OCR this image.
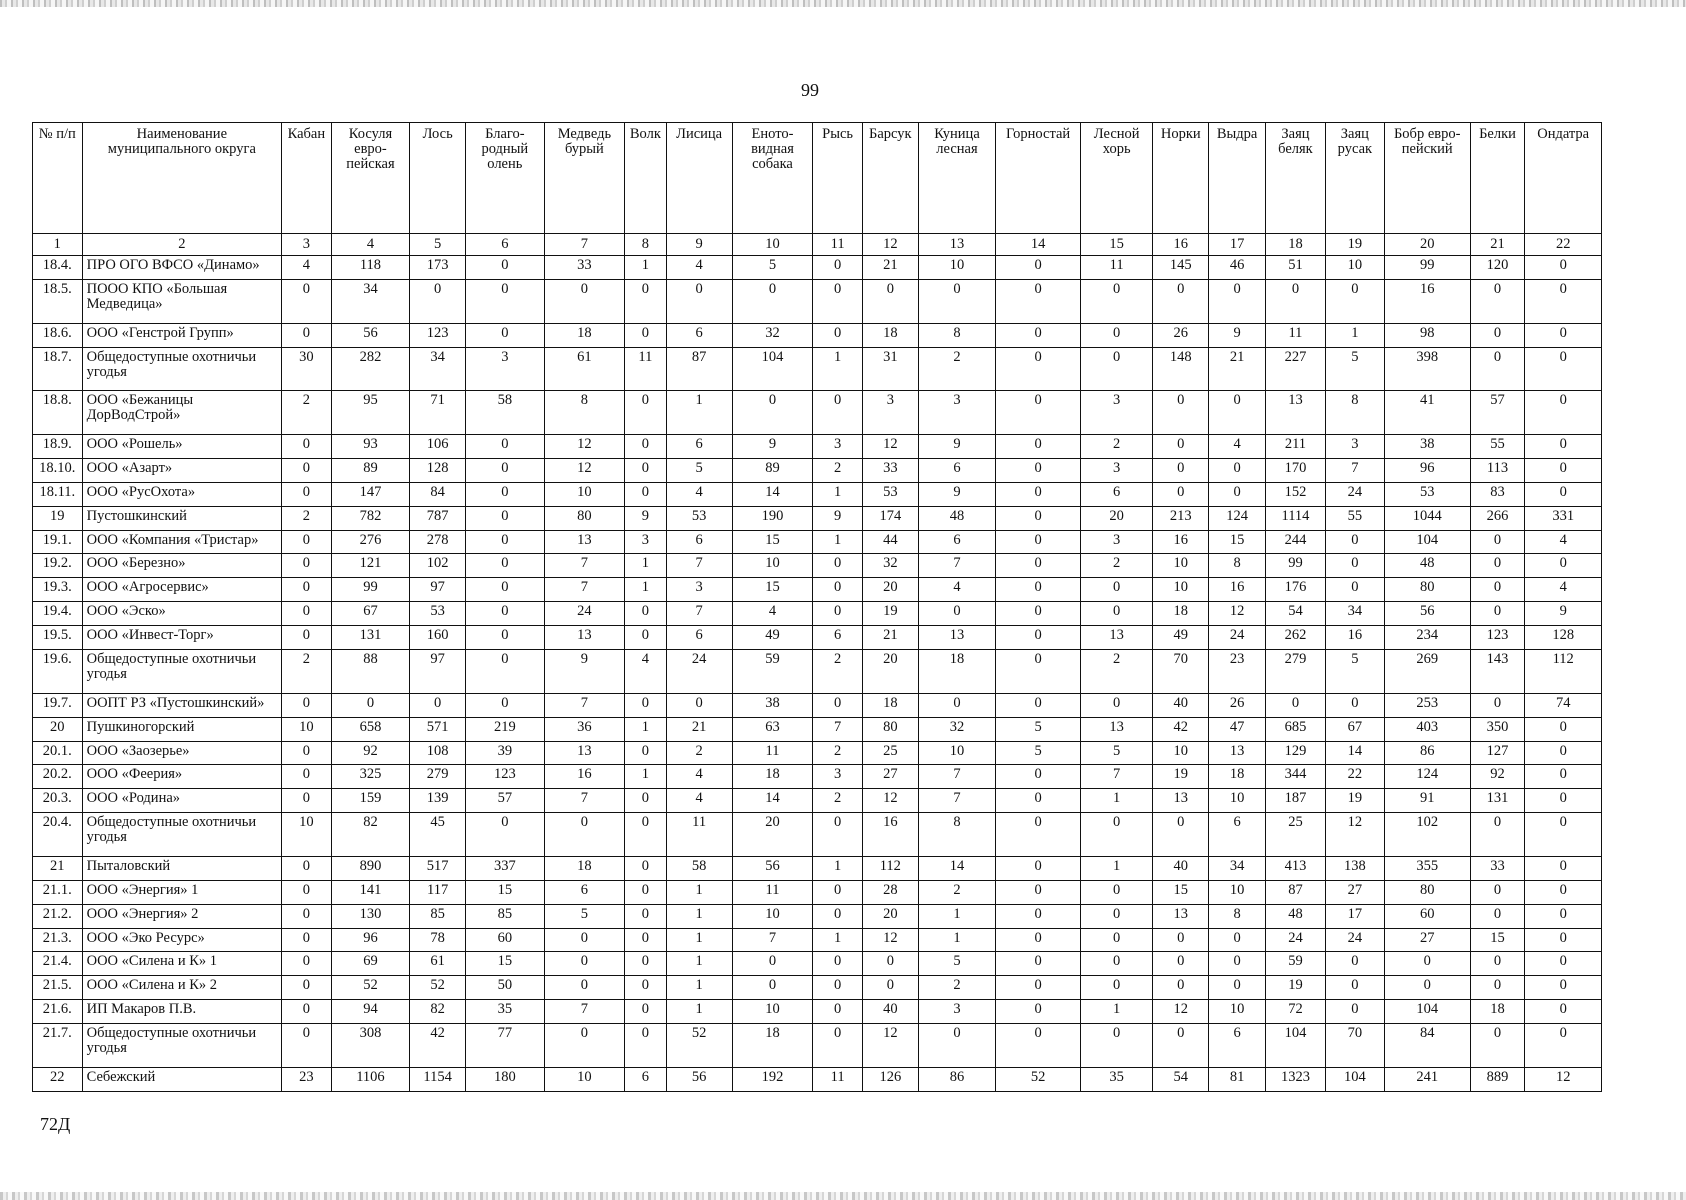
99
№ п/п	Наименование муниципального округа	Кабан	Косуля евро-пейская	Лось	Благо-родный олень	Медведь бурый	Волк	Лисица	Еното-видная собака	Рысь	Барсук	Куница лесная	Горностай	Лесной хорь	Норки	Выдра	Заяц беляк	Заяц русак	Бобр евро-пейский	Белки	Ондатра
1	2	3	4	5	6	7	8	9	10	11	12	13	14	15	16	17	18	19	20	21	22
18.4.	ПРО ОГО ВФСО «Динамо»	4	118	173	0	33	1	4	5	0	21	10	0	11	145	46	51	10	99	120	0
18.5.	ПООО КПО «Большая Медведица»	0	34	0	0	0	0	0	0	0	0	0	0	0	0	0	0	0	16	0	0
18.6.	ООО «Генстрой Групп»	0	56	123	0	18	0	6	32	0	18	8	0	0	26	9	11	1	98	0	0
18.7.	Общедоступные охотничьи угодья	30	282	34	3	61	11	87	104	1	31	2	0	0	148	21	227	5	398	0	0
18.8.	ООО «Бежаницы ДорВодСтрой»	2	95	71	58	8	0	1	0	0	3	3	0	3	0	0	13	8	41	57	0
18.9.	ООО «Рошель»	0	93	106	0	12	0	6	9	3	12	9	0	2	0	4	211	3	38	55	0
18.10.	ООО «Азарт»	0	89	128	0	12	0	5	89	2	33	6	0	3	0	0	170	7	96	113	0
18.11.	ООО «РусОхота»	0	147	84	0	10	0	4	14	1	53	9	0	6	0	0	152	24	53	83	0
19	Пустошкинский	2	782	787	0	80	9	53	190	9	174	48	0	20	213	124	1114	55	1044	266	331
19.1.	ООО «Компания «Тристар»	0	276	278	0	13	3	6	15	1	44	6	0	3	16	15	244	0	104	0	4
19.2.	ООО «Березно»	0	121	102	0	7	1	7	10	0	32	7	0	2	10	8	99	0	48	0	0
19.3.	ООО «Агросервис»	0	99	97	0	7	1	3	15	0	20	4	0	0	10	16	176	0	80	0	4
19.4.	ООО «Эско»	0	67	53	0	24	0	7	4	0	19	0	0	0	18	12	54	34	56	0	9
19.5.	ООО «Инвест-Торг»	0	131	160	0	13	0	6	49	6	21	13	0	13	49	24	262	16	234	123	128
19.6.	Общедоступные охотничьи угодья	2	88	97	0	9	4	24	59	2	20	18	0	2	70	23	279	5	269	143	112
19.7.	ООПТ РЗ «Пустошкинский»	0	0	0	0	7	0	0	38	0	18	0	0	0	40	26	0	0	253	0	74
20	Пушкиногорский	10	658	571	219	36	1	21	63	7	80	32	5	13	42	47	685	67	403	350	0
20.1.	ООО «Заозерье»	0	92	108	39	13	0	2	11	2	25	10	5	5	10	13	129	14	86	127	0
20.2.	ООО «Феерия»	0	325	279	123	16	1	4	18	3	27	7	0	7	19	18	344	22	124	92	0
20.3.	ООО «Родина»	0	159	139	57	7	0	4	14	2	12	7	0	1	13	10	187	19	91	131	0
20.4.	Общедоступные охотничьи угодья	10	82	45	0	0	0	11	20	0	16	8	0	0	0	6	25	12	102	0	0
21	Пыталовский	0	890	517	337	18	0	58	56	1	112	14	0	1	40	34	413	138	355	33	0
21.1.	ООО «Энергия» 1	0	141	117	15	6	0	1	11	0	28	2	0	0	15	10	87	27	80	0	0
21.2.	ООО «Энергия» 2	0	130	85	85	5	0	1	10	0	20	1	0	0	13	8	48	17	60	0	0
21.3.	ООО «Эко Ресурс»	0	96	78	60	0	0	1	7	1	12	1	0	0	0	0	24	24	27	15	0
21.4.	ООО «Силена и К» 1	0	69	61	15	0	0	1	0	0	0	5	0	0	0	0	59	0	0	0	0
21.5.	ООО «Силена и К» 2	0	52	52	50	0	0	1	0	0	0	2	0	0	0	0	19	0	0	0	0
21.6.	ИП Макаров П.В.	0	94	82	35	7	0	1	10	0	40	3	0	1	12	10	72	0	104	18	0
21.7.	Общедоступные охотничьи угодья	0	308	42	77	0	0	52	18	0	12	0	0	0	0	6	104	70	84	0	0
22	Себежский	23	1106	1154	180	10	6	56	192	11	126	86	52	35	54	81	1323	104	241	889	12
72Д
